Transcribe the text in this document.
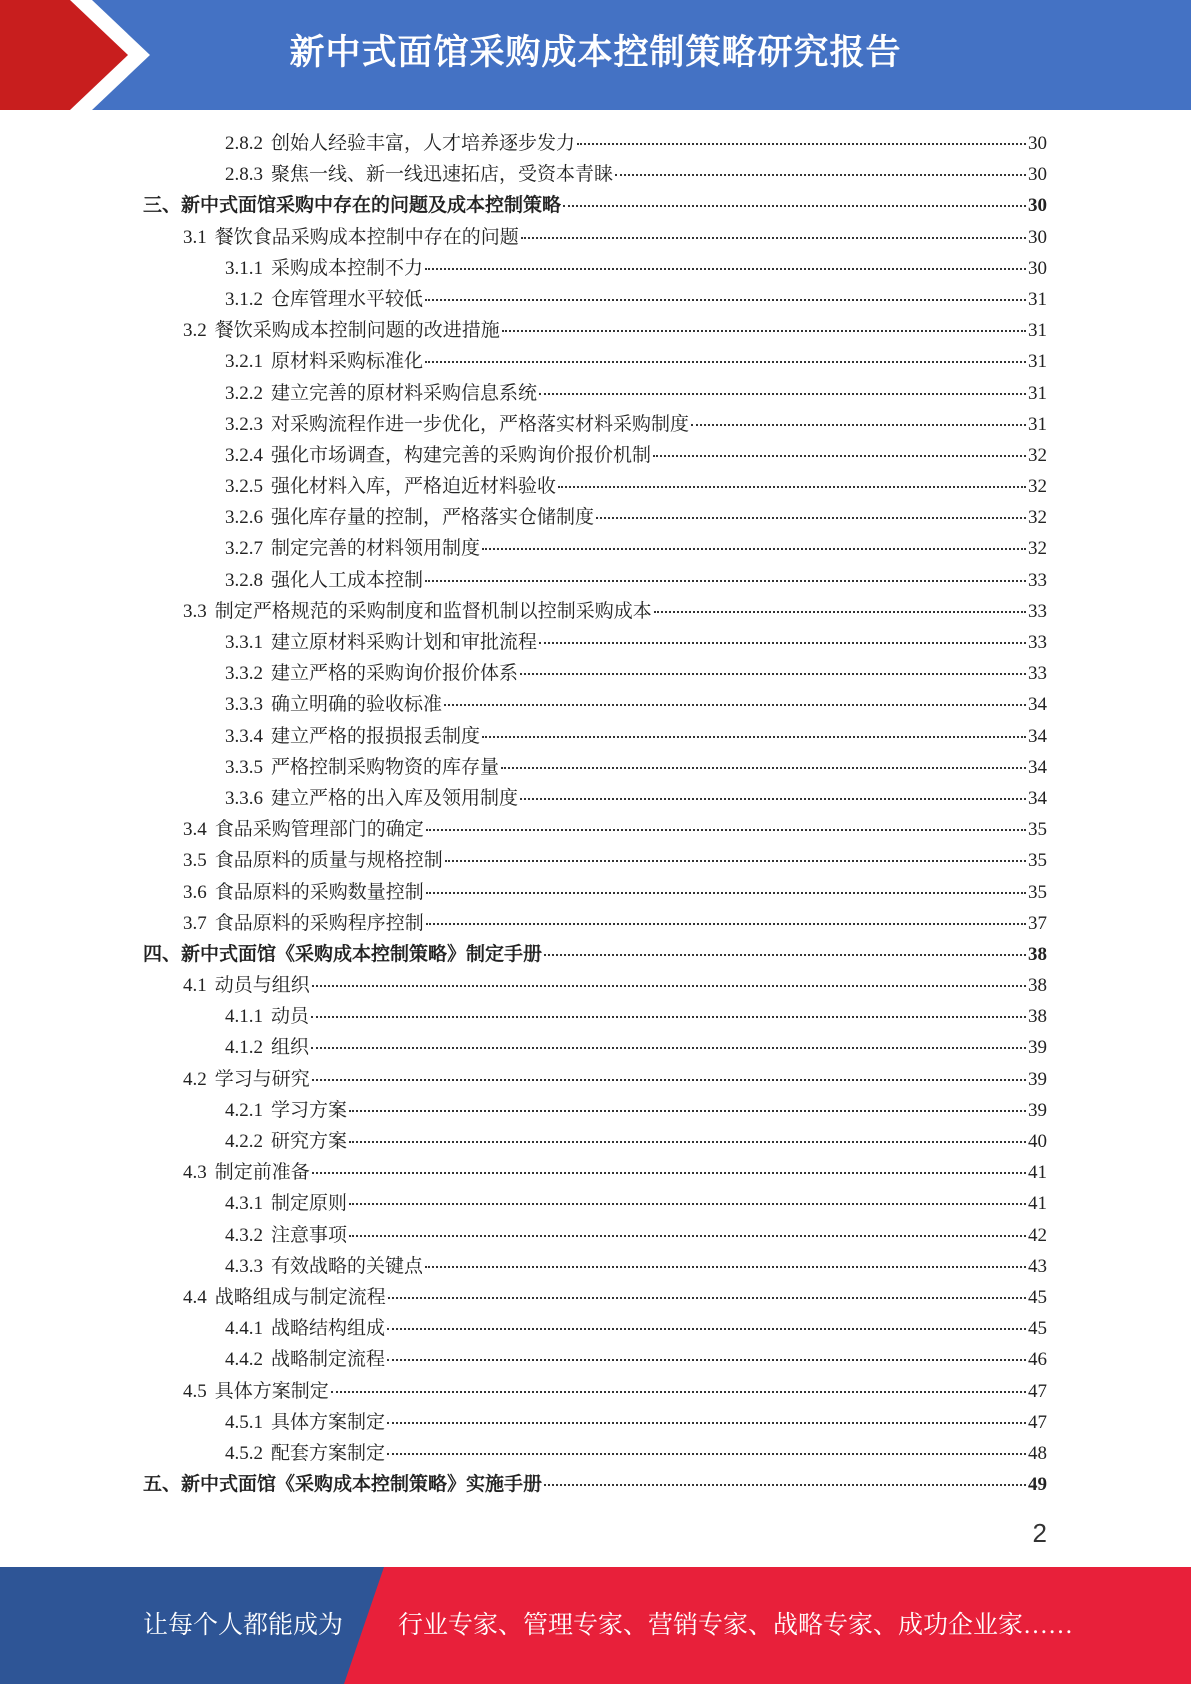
新中式面馆采购成本控制策略研究报告
2.8.2 创始人经验丰富，人才培养逐步发力	30
2.8.3 聚焦一线、新一线迅速拓店，受资本青睐	30
三、新中式面馆采购中存在的问题及成本控制策略	30
3.1 餐饮食品采购成本控制中存在的问题	30
3.1.1 采购成本控制不力	30
3.1.2 仓库管理水平较低	31
3.2 餐饮采购成本控制问题的改进措施	31
3.2.1 原材料采购标准化	31
3.2.2 建立完善的原材料采购信息系统	31
3.2.3 对采购流程作进一步优化，严格落实材料采购制度	31
3.2.4 强化市场调查，构建完善的采购询价报价机制	32
3.2.5 强化材料入库，严格迫近材料验收	32
3.2.6 强化库存量的控制，严格落实仓储制度	32
3.2.7 制定完善的材料领用制度	32
3.2.8 强化人工成本控制	33
3.3 制定严格规范的采购制度和监督机制以控制采购成本	33
3.3.1 建立原材料采购计划和审批流程	33
3.3.2 建立严格的采购询价报价体系	33
3.3.3 确立明确的验收标准	34
3.3.4 建立严格的报损报丢制度	34
3.3.5 严格控制采购物资的库存量	34
3.3.6 建立严格的出入库及领用制度	34
3.4 食品采购管理部门的确定	35
3.5 食品原料的质量与规格控制	35
3.6 食品原料的采购数量控制	35
3.7 食品原料的采购程序控制	37
四、新中式面馆《采购成本控制策略》制定手册	38
4.1 动员与组织	38
4.1.1 动员	38
4.1.2 组织	39
4.2 学习与研究	39
4.2.1 学习方案	39
4.2.2 研究方案	40
4.3 制定前准备	41
4.3.1 制定原则	41
4.3.2 注意事项	42
4.3.3 有效战略的关键点	43
4.4 战略组成与制定流程	45
4.4.1 战略结构组成	45
4.4.2 战略制定流程	46
4.5 具体方案制定	47
4.5.1 具体方案制定	47
4.5.2 配套方案制定	48
五、新中式面馆《采购成本控制策略》实施手册	49
2
让每个人都能成为 行业专家、管理专家、营销专家、战略专家、成功企业家……
